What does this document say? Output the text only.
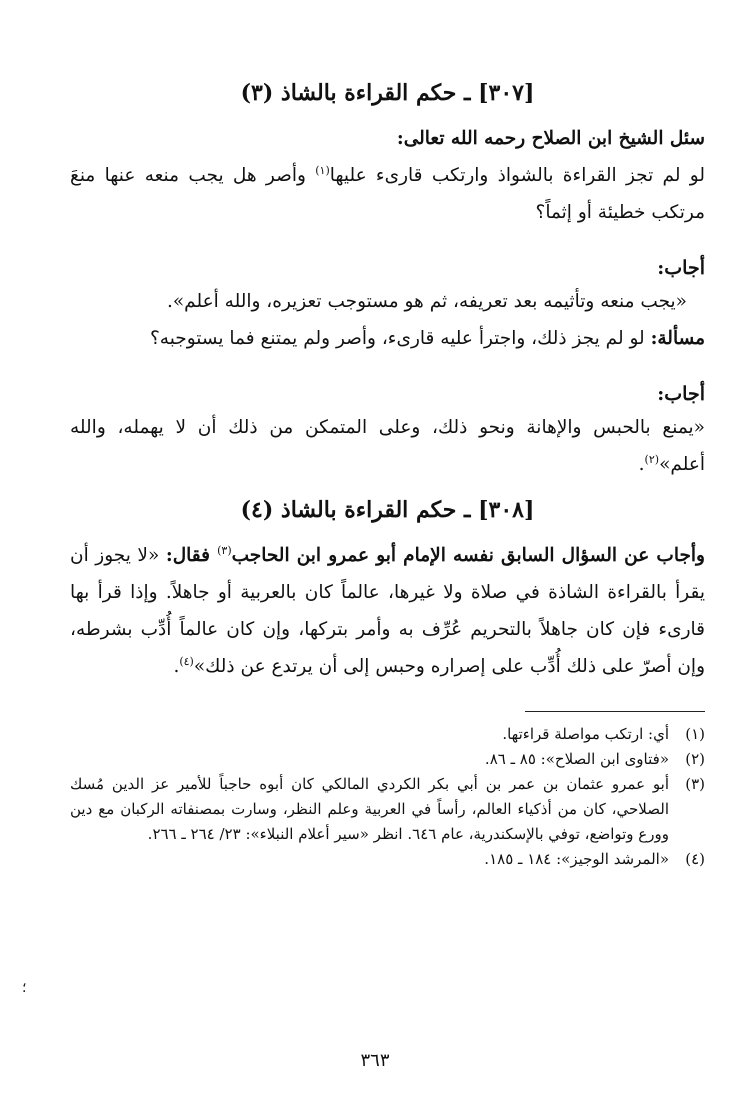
[٣٠٧] ـ حكم القراءة بالشاذ (٣)
سئل الشيخ ابن الصلاح رحمه الله تعالى:
لو لم تجز القراءة بالشواذ وارتكب قارىء عليها$^{(١)}$ وأصر هل يجب منعه عنها منعَ مرتكب خطيئة أو إثماً؟
أجاب:
«يجب منعه وتأثيمه بعد تعريفه، ثم هو مستوجب تعزيره، والله أعلم».
مسألة: لو لم يجز ذلك، واجترأ عليه قارىء، وأصر ولم يمتنع فما يستوجبه؟
أجاب:
«يمنع بالحبس والإهانة ونحو ذلك، وعلى المتمكن من ذلك أن لا يهمله، والله أعلم»$^{(٢)}$.
[٣٠٨] ـ حكم القراءة بالشاذ (٤)
وأجاب عن السؤال السابق نفسه الإمام أبو عمرو ابن الحاجب$^{(٣)}$ فقال: «لا يجوز أن يقرأ بالقراءة الشاذة في صلاة ولا غيرها، عالماً كان بالعربية أو جاهلاً. وإذا قرأ بها قارىء فإن كان جاهلاً بالتحريم عُرِّف به وأمر بتركها، وإن كان عالماً أُدِّب بشرطه، وإن أصرّ على ذلك أُدِّب على إصراره وحبس إلى أن يرتدع عن ذلك»$^{(٤)}$.
(١)
أي: ارتكب مواصلة قراءتها.
(٢)
«فتاوى ابن الصلاح»: ٨٥ ـ ٨٦.
(٣)
أبو عمرو عثمان بن عمر بن أبي بكر الكردي المالكي كان أبوه حاجباً للأمير عز الدين مُسك الصلاحي، كان من أذكياء العالم، رأساً في العربية وعلم النظر، وسارت بمصنفاته الركبان مع دين وورع وتواضع، توفي بالإسكندرية، عام ٦٤٦. انظر «سير أعلام النبلاء»: ٢٣/ ٢٦٤ ـ ٢٦٦.
(٤)
«المرشد الوجيز»: ١٨٤ ـ ١٨٥.
؛
٣٦٣
